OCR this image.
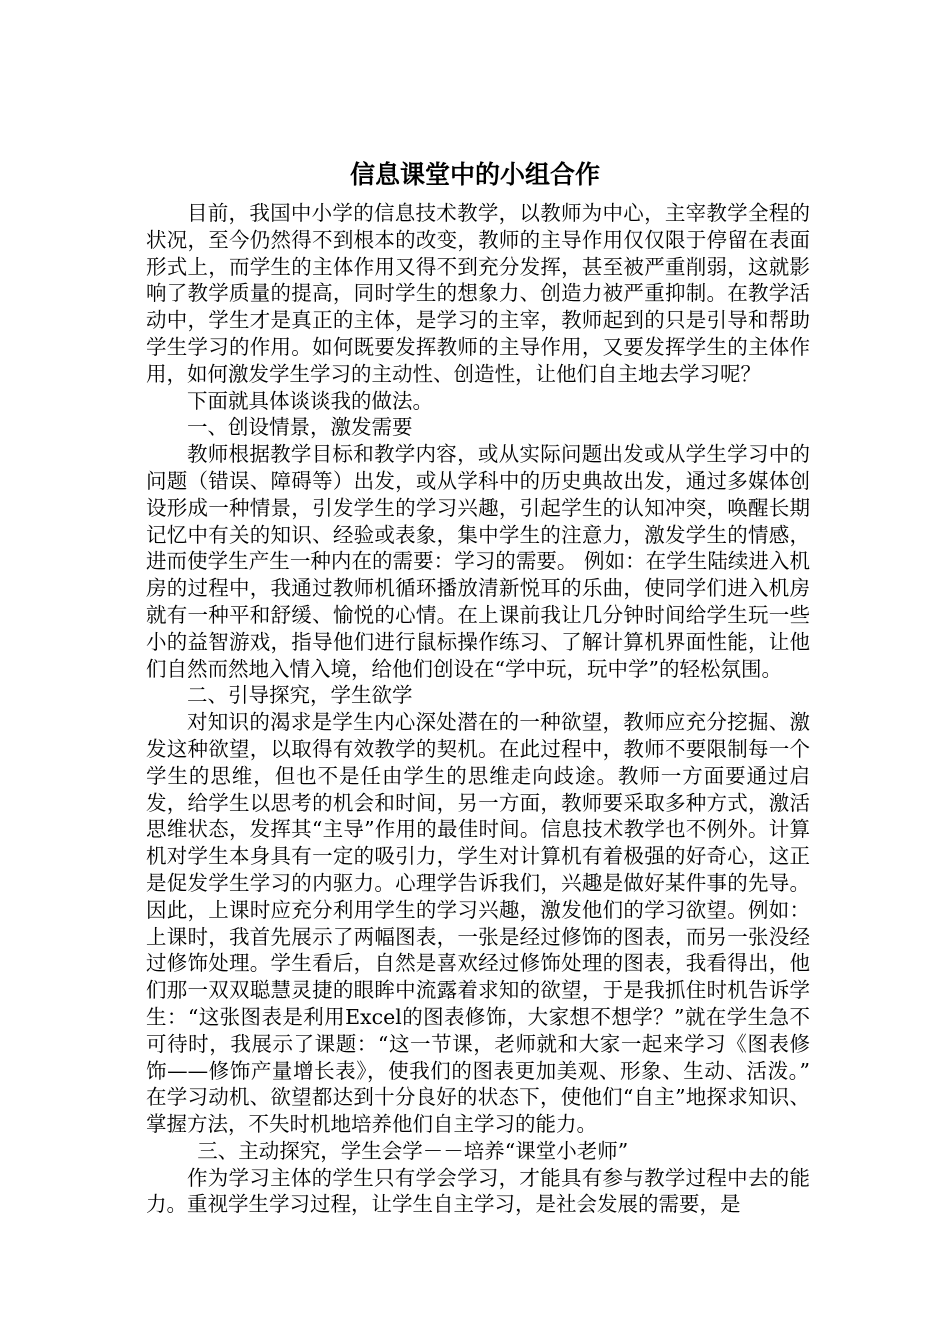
信息课堂中的小组合作

目前，我国中小学的信息技术教学，以教师为中心，主宰教学全程的状况，至今仍然得不到根本的改变，教师的主导作用仅仅限于停留在表面形式上，而学生的主体作用又得不到充分发挥，甚至被严重削弱，这就影响了教学质量的提高，同时学生的想象力、创造力被严重抑制。在教学活动中，学生才是真正的主体，是学习的主宰，教师起到的只是引导和帮助学生学习的作用。如何既要发挥教师的主导作用，又要发挥学生的主体作用，如何激发学生学习的主动性、创造性，让他们自主地去学习呢？

下面就具体谈谈我的做法。

一、创设情景，激发需要

教师根据教学目标和教学内容，或从实际问题出发或从学生学习中的问题（错误、障碍等）出发，或从学科中的历史典故出发，通过多媒体创设形成一种情景，引发学生的学习兴趣，引起学生的认知冲突，唤醒长期记忆中有关的知识、经验或表象，集中学生的注意力，激发学生的情感，进而使学生产生一种内在的需要：学习的需要。 例如：在学生陆续进入机房的过程中，我通过教师机循环播放清新悦耳的乐曲，使同学们进入机房就有一种平和舒缓、愉悦的心情。在上课前我让几分钟时间给学生玩一些小的益智游戏，指导他们进行鼠标操作练习、了解计算机界面性能，让他们自然而然地入情入境，给他们创设在“学中玩，玩中学”的轻松氛围。

二、引导探究，学生欲学

对知识的渴求是学生内心深处潜在的一种欲望，教师应充分挖掘、激发这种欲望，以取得有效教学的契机。在此过程中，教师不要限制每一个学生的思维，但也不是任由学生的思维走向歧途。教师一方面要通过启发，给学生以思考的机会和时间，另一方面，教师要采取多种方式，激活思维状态，发挥其“主导”作用的最佳时间。信息技术教学也不例外。计算机对学生本身具有一定的吸引力，学生对计算机有着极强的好奇心，这正是促发学生学习的内驱力。心理学告诉我们，兴趣是做好某件事的先导。因此，上课时应充分利用学生的学习兴趣，激发他们的学习欲望。例如：上课时，我首先展示了两幅图表，一张是经过修饰的图表，而另一张没经过修饰处理。学生看后，自然是喜欢经过修饰处理的图表，我看得出，他们那一双双聪慧灵捷的眼眸中流露着求知的欲望，于是我抓住时机告诉学生：“这张图表是利用Excel的图表修饰，大家想不想学？”就在学生急不可待时，我展示了课题：“这一节课，老师就和大家一起来学习《图表修饰——修饰产量增长表》，使我们的图表更加美观、形象、生动、活泼。” 在学习动机、欲望都达到十分良好的状态下，使他们“自主”地探求知识、掌握方法，不失时机地培养他们自主学习的能力。

三、主动探究，学生会学－－培养“课堂小老师”

作为学习主体的学生只有学会学习，才能具有参与教学过程中去的能力。重视学生学习过程，让学生自主学习，是社会发展的需要，是
